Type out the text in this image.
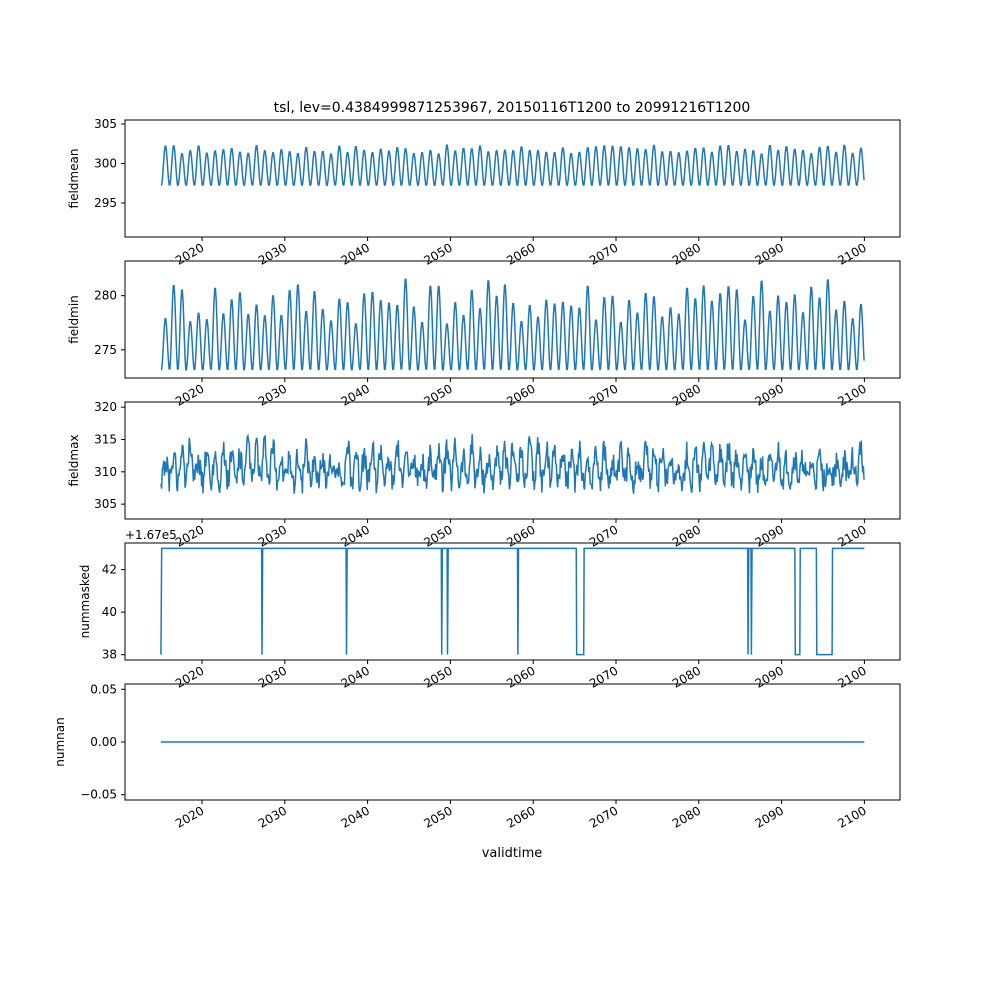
tsl, lev=0.4384999871253967, 20150116T1200 to 20991216T1200
validtime
295
300
305
2020	2030	2040	2050	2060	2070	2080	2090	2100
fieldmean
275
280
2020	2030	2040	2050	2060	2070	2080	2090	2100
fieldmin
305
310
315
320
2020	2030	2040	2050	2060	2070	2080	2090	2100
fieldmax
38
40
42
2020	2030	2040	2050	2060	2070	2080	2090	2100
nummasked
+1.67e5
−0.05
0.00
0.05
2020	2030	2040	2050	2060	2070	2080	2090	2100
numnan
